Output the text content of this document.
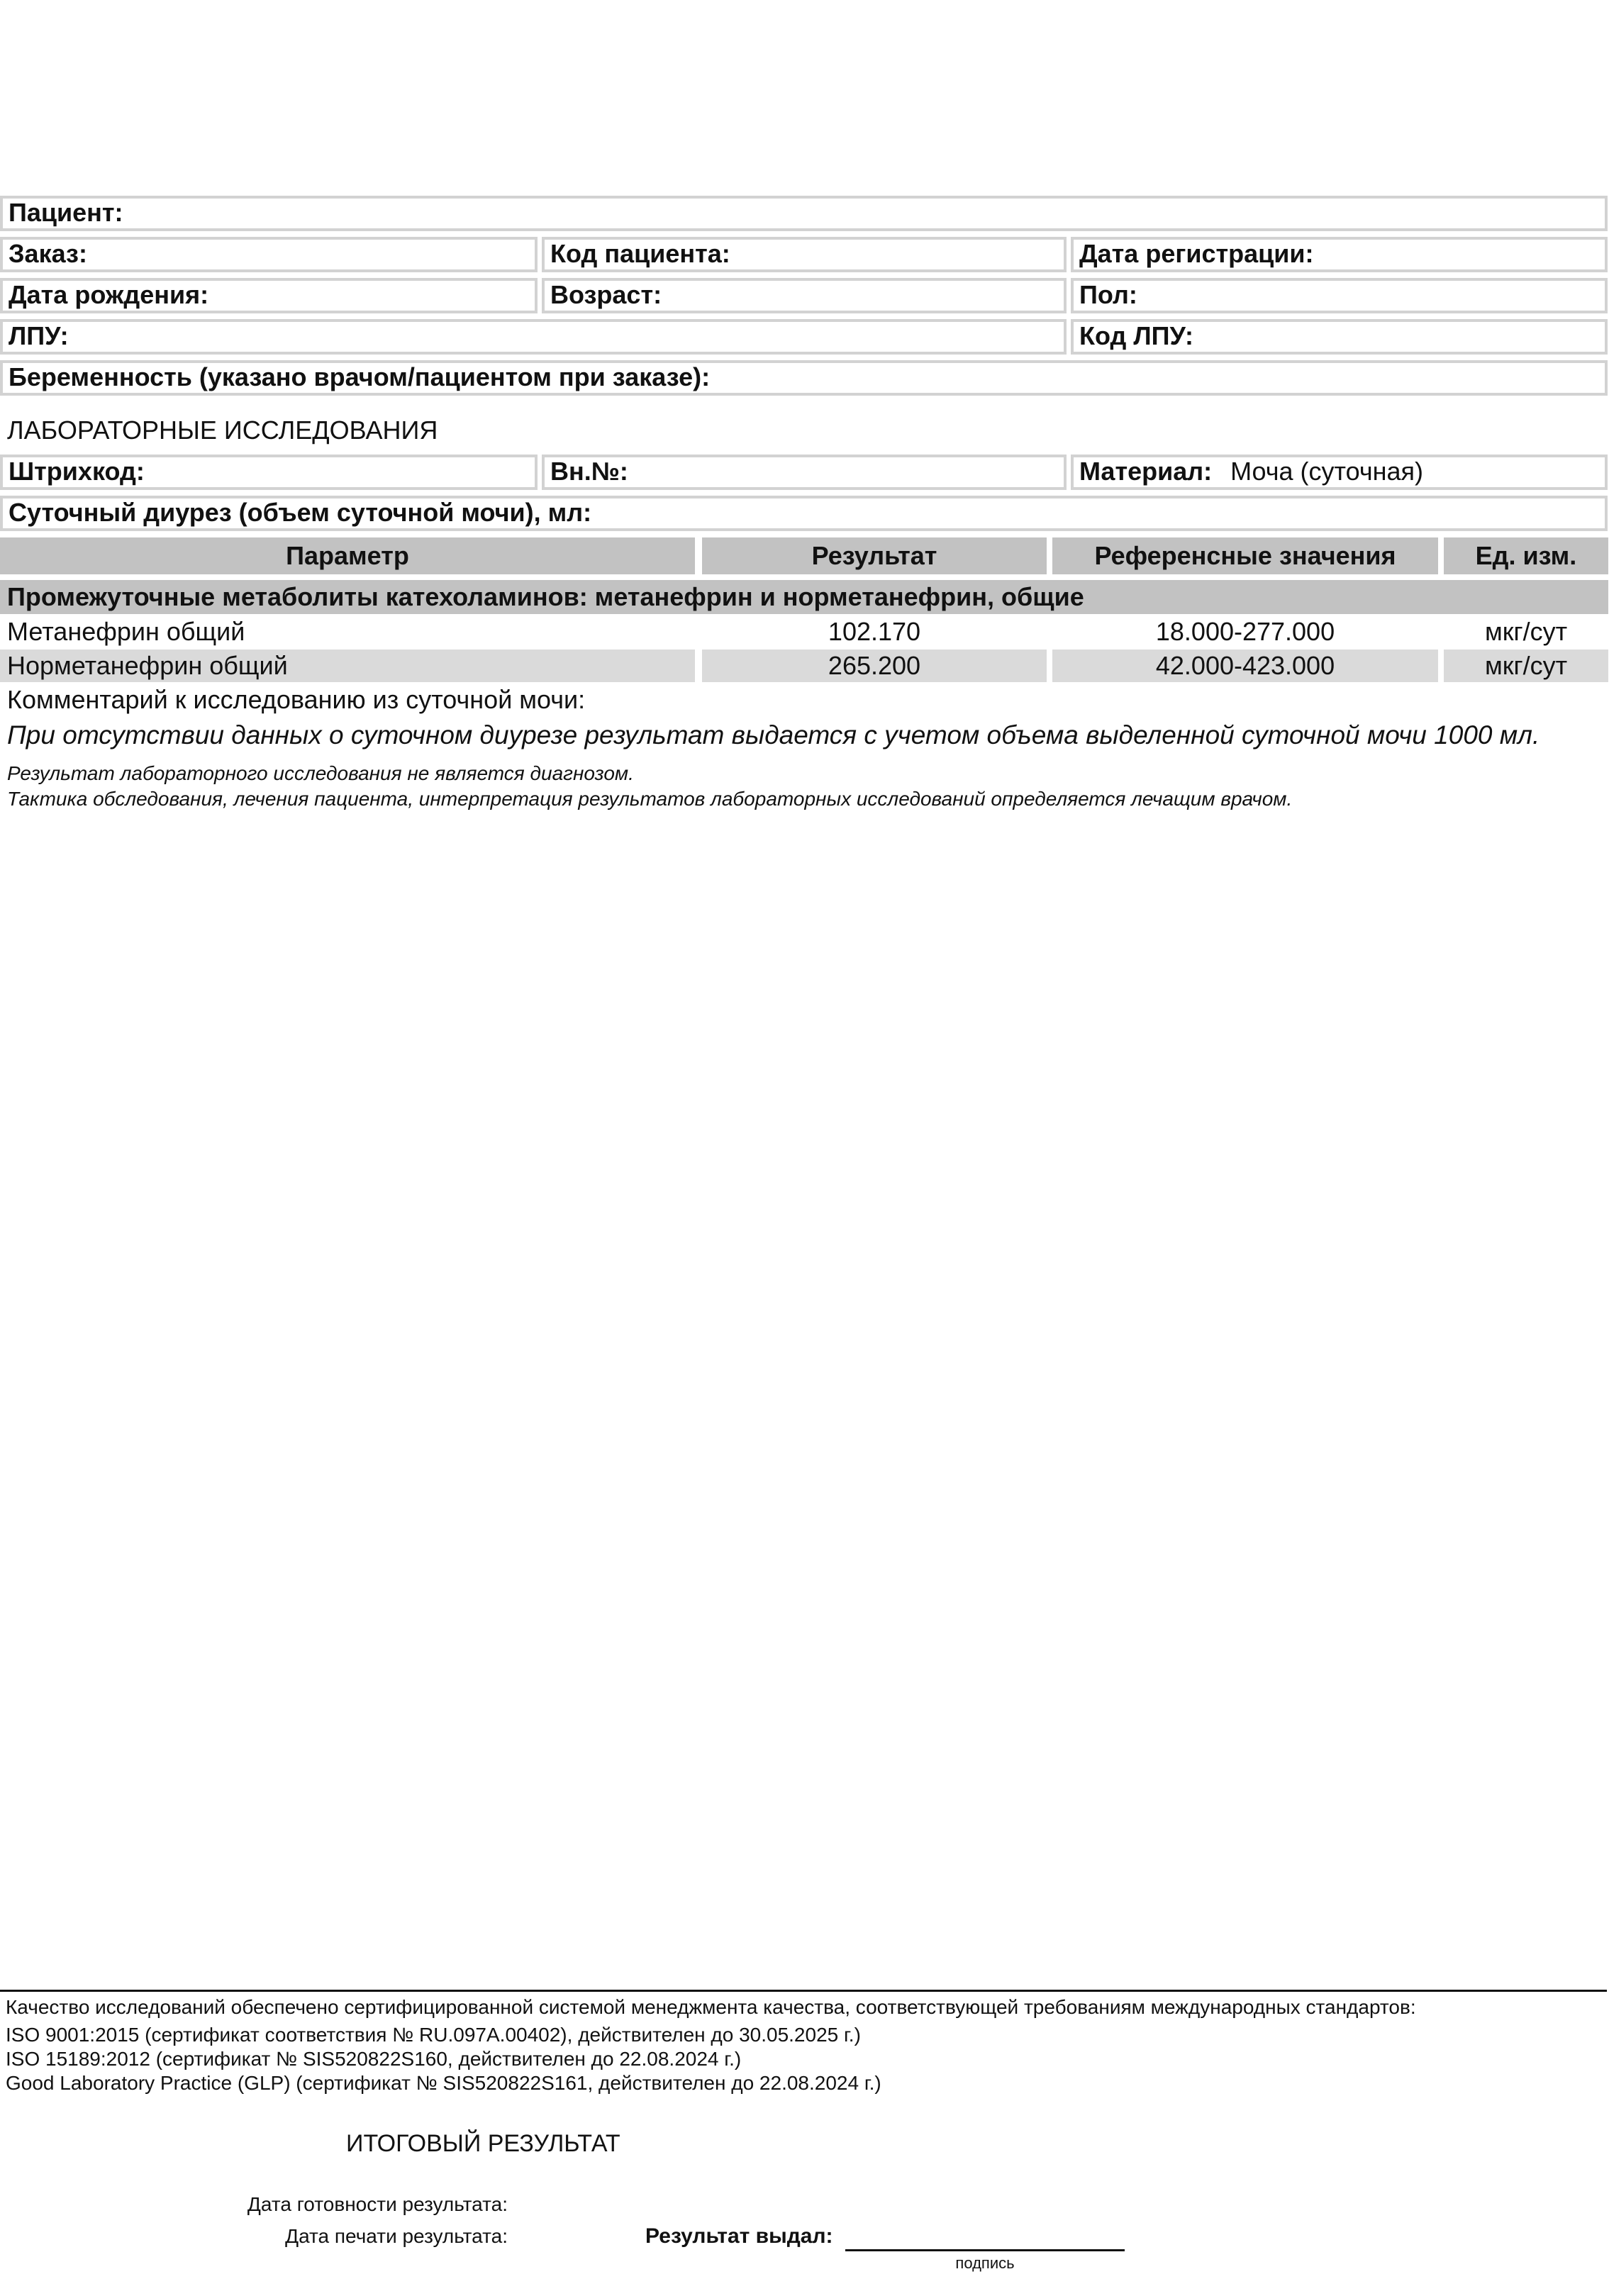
Пациент:
Заказ:	Код пациента:	Дата регистрации:
Дата рождения:	Возраст:	Пол:
ЛПУ:	Код ЛПУ:
Беременность (указано врачом/пациентом при заказе):
ЛАБОРАТОРНЫЕ ИССЛЕДОВАНИЯ
Штрихкод:	Вн.№:	Материал: Моча (суточная)
Суточный диурез (объем суточной мочи), мл:
Параметр	Результат	Референсные значения	Ед. изм.
Промежуточные метаболиты катехоламинов: метанефрин и норметанефрин, общие
Метанефрин общий	102.170	18.000-277.000	мкг/сут
Норметанефрин общий	265.200	42.000-423.000	мкг/сут
Комментарий к исследованию из суточной мочи:
При отсутствии данных о суточном диурезе результат выдается с учетом объема выделенной суточной мочи 1000 мл.
Результат лабораторного исследования не является диагнозом.
Тактика обследования, лечения пациента, интерпретация результатов лабораторных исследований определяется лечащим врачом.
Качество исследований обеспечено сертифицированной системой менеджмента качества, соответствующей требованиям международных стандартов:
ISO 9001:2015 (сертификат соответствия № RU.097A.00402), действителен до 30.05.2025 г.)
ISO 15189:2012 (сертификат № SIS520822S160, действителен до 22.08.2024 г.)
Good Laboratory Practice (GLP) (сертификат № SIS520822S161, действителен до 22.08.2024 г.)
ИТОГОВЫЙ РЕЗУЛЬТАТ
Дата готовности результата:
Дата печати результата:	Результат выдал:
подпись
